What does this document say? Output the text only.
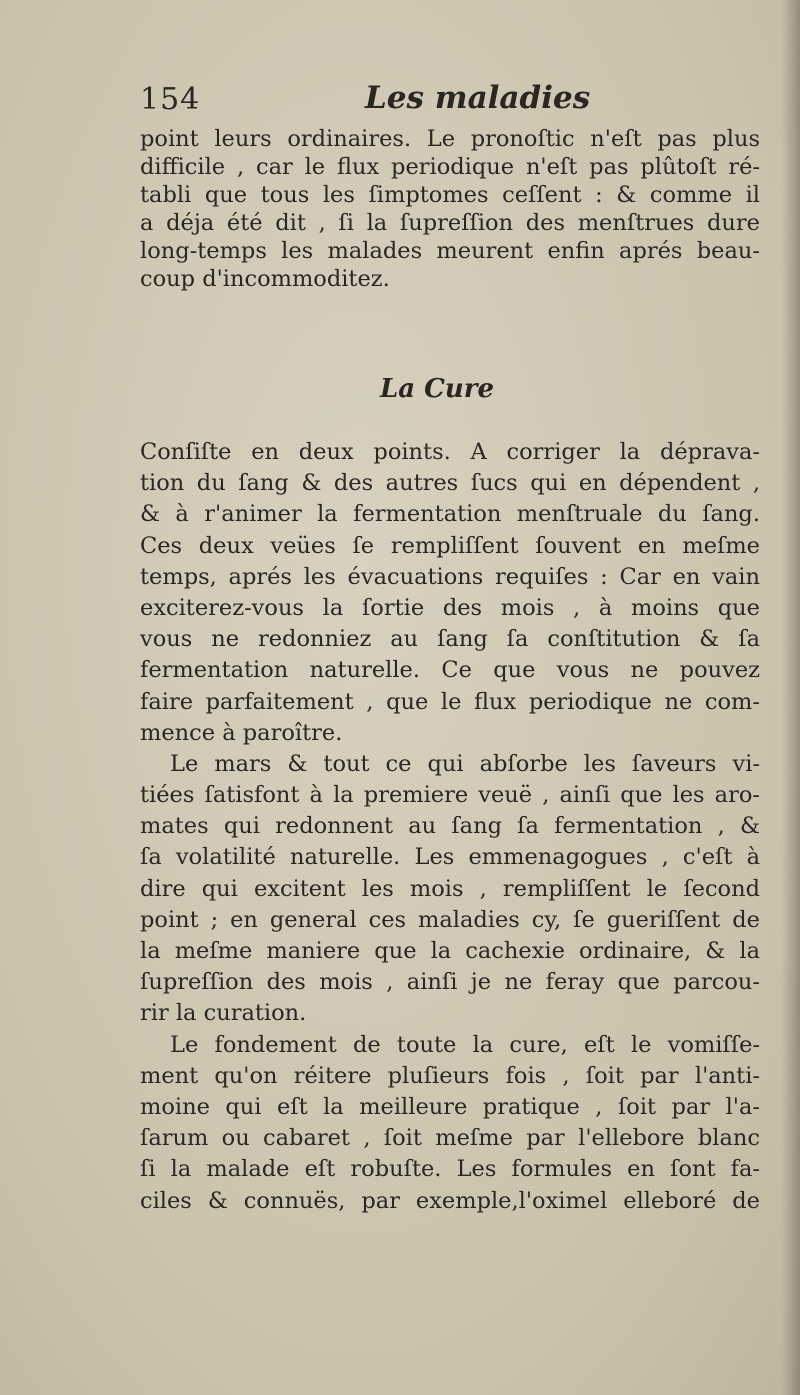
154	Les maladies
point leurs ordinaires. Le pronoſtic n'eſt pas plus
difficile , car le flux periodique n'eſt pas plûtoſt ré-
tabli que tous les ſimptomes ceſſent : & comme il
a déja été dit , ſi la ſupreſſion des menſtrues dure
long-temps les malades meurent enfin aprés beau-
coup d'incommoditez.
La Cure
Conſiſte en deux points. A corriger la déprava-
tion du ſang & des autres ſucs qui en dépendent ,
& à r'animer la fermentation menſtruale du ſang.
Ces deux veües ſe rempliſſent ſouvent en meſme
temps, aprés les évacuations requiſes : Car en vain
exciterez-vous la ſortie des mois , à moins que
vous ne redonniez au ſang ſa conſtitution & ſa
fermentation naturelle. Ce que vous ne pouvez
faire parfaitement , que le flux periodique ne com-
mence à paroître.
Le mars & tout ce qui abſorbe les ſaveurs vi-
tiées ſatisfont à la premiere veuë , ainſi que les aro-
mates qui redonnent au ſang ſa fermentation , &
ſa volatilité naturelle. Les emmenagogues , c'eſt à
dire qui excitent les mois , rempliſſent le ſecond
point ; en general ces maladies cy, ſe gueriſſent de
la meſme maniere que la cachexie ordinaire, & la
ſupreſſion des mois , ainſi je ne feray que parcou-
rir la curation.
Le fondement de toute la cure, eſt le vomiſſe-
ment qu'on réitere pluſieurs fois , ſoit par l'anti-
moine qui eſt la meilleure pratique , ſoit par l'a-
ſarum ou cabaret , ſoit meſme par l'ellebore blanc
ſi la malade eſt robuſte. Les formules en ſont fa-
ciles & connuës, par exemple,l'oximel elleboré de
